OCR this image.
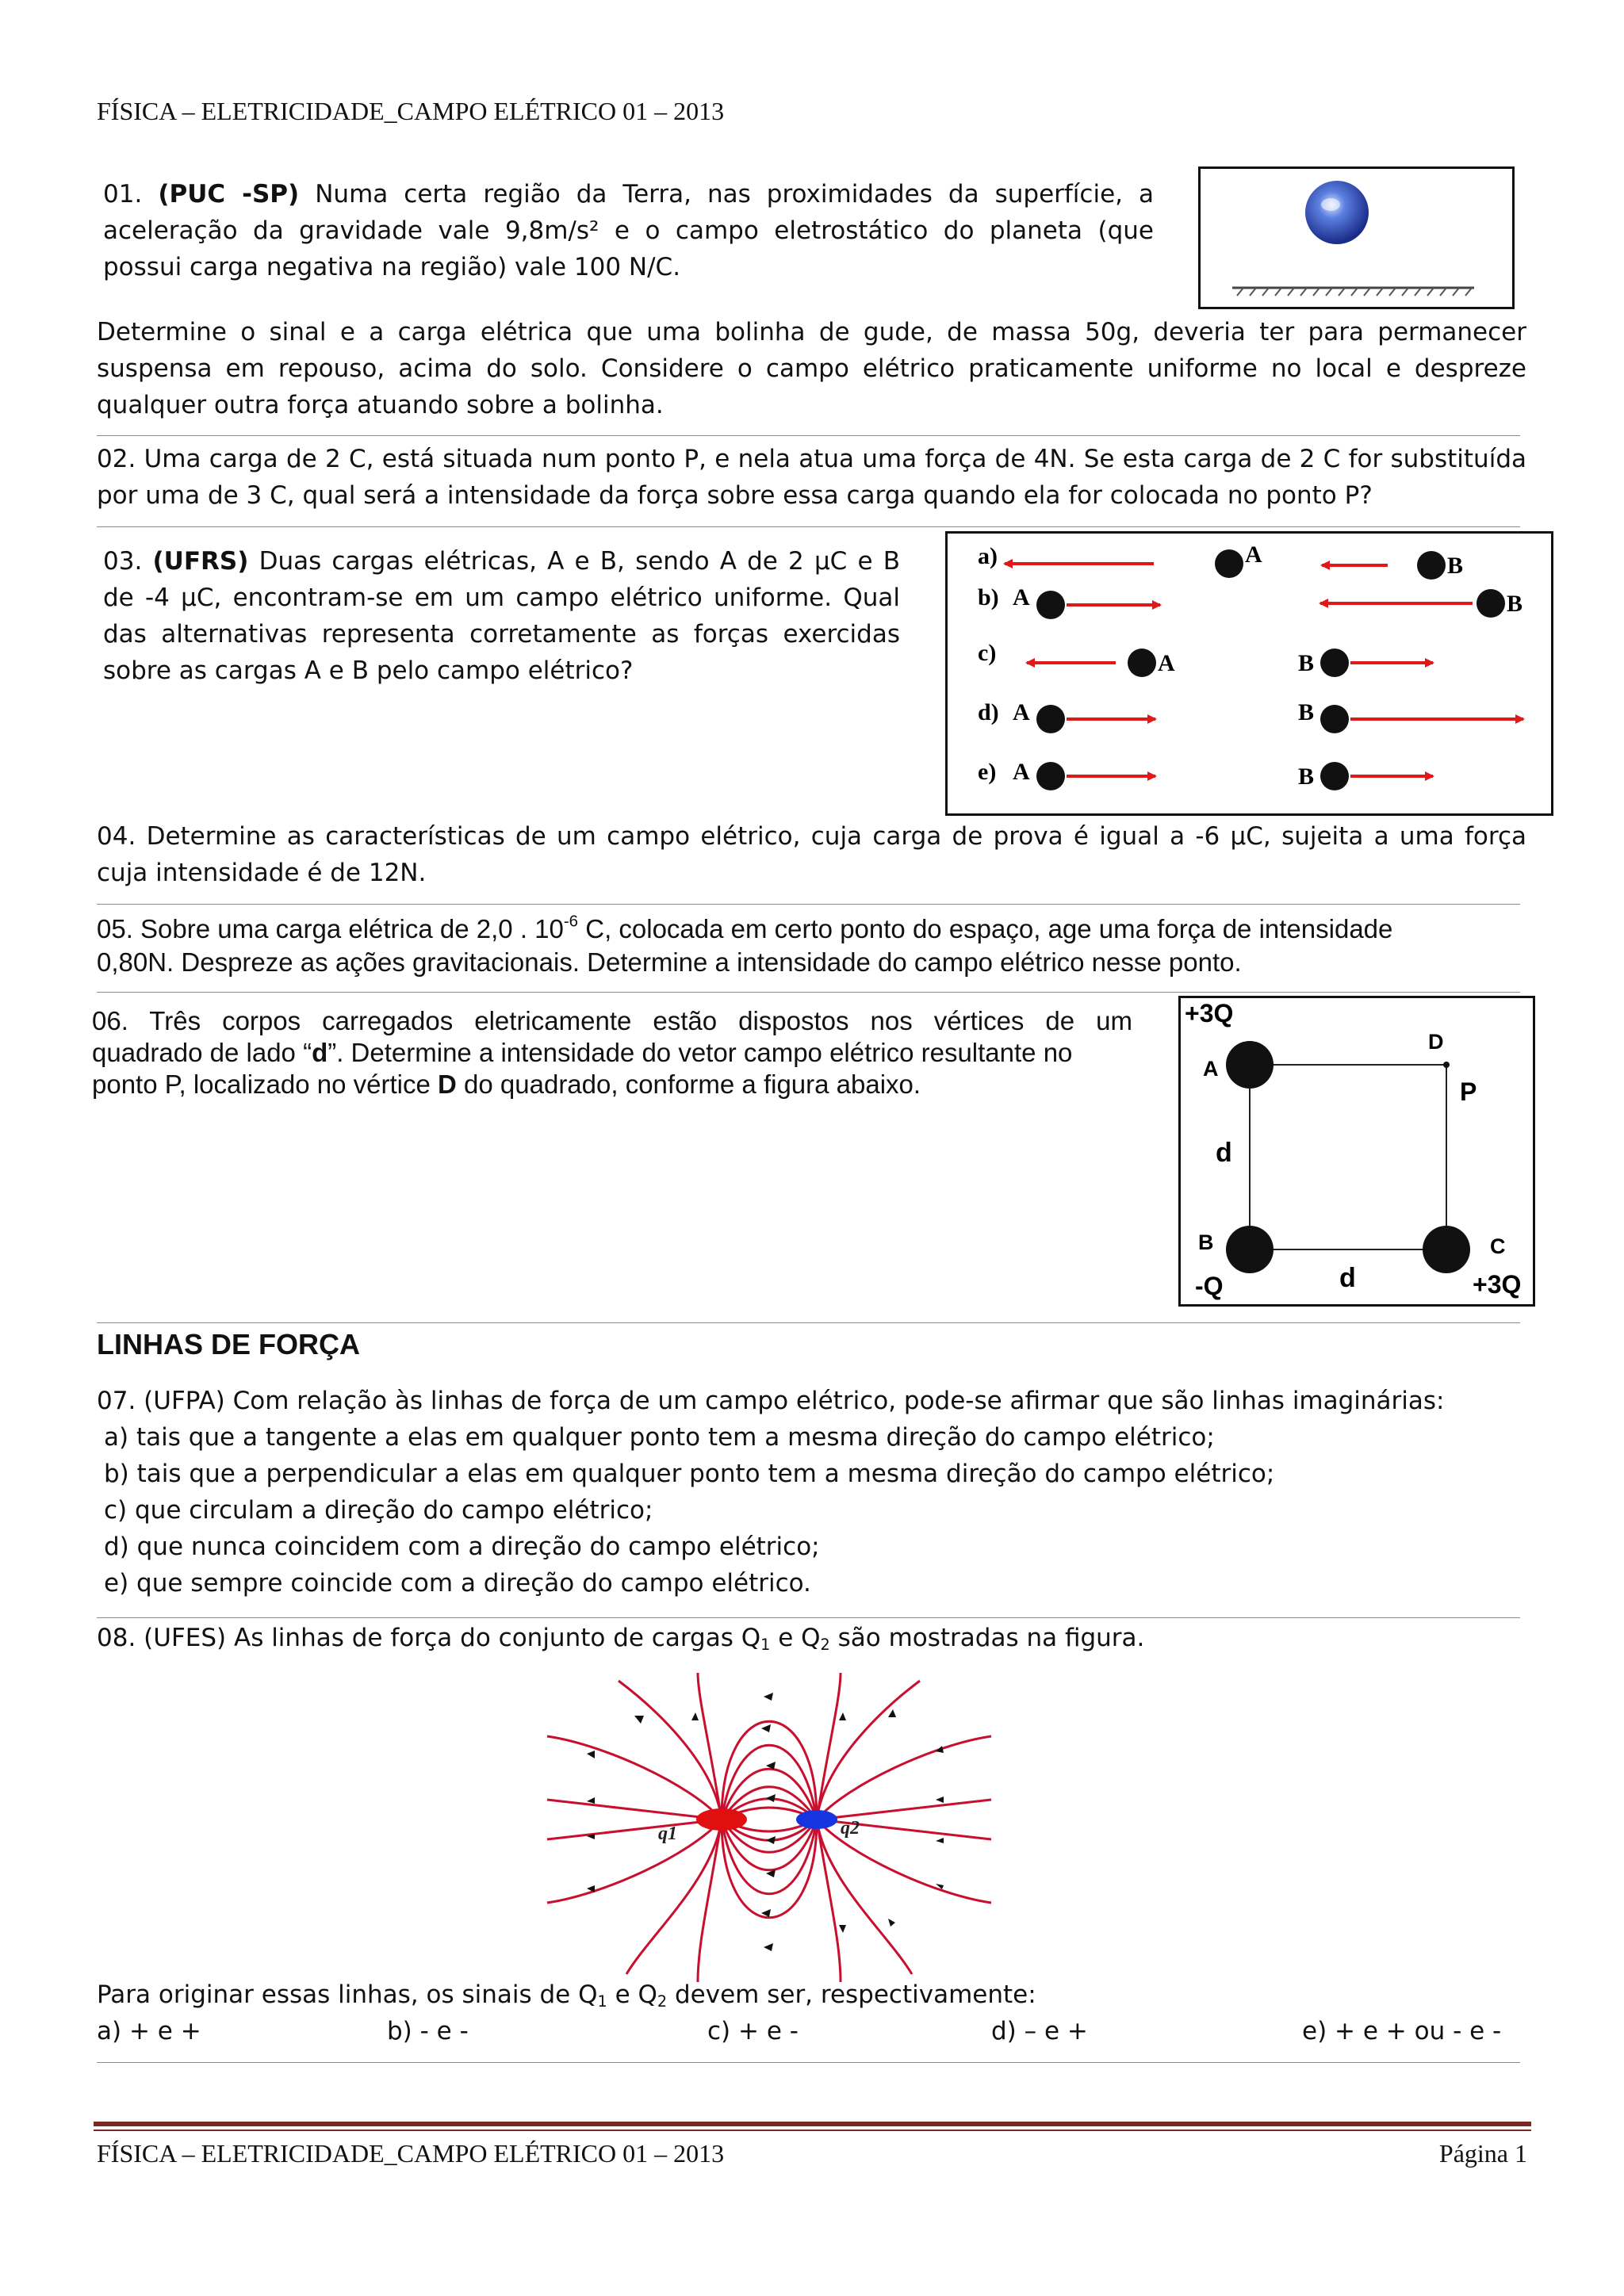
FÍSICA – ELETRICIDADE_CAMPO ELÉTRICO 01 – 2013
01. (PUC -SP) Numa certa região da Terra, nas proximidades da superfície, a aceleração da gravidade vale 9,8m/s² e o campo eletrostático do planeta (que possui carga negativa na região) vale 100 N/C.
Determine o sinal e a carga elétrica que uma bolinha de gude, de massa 50g, deveria ter para permanecer suspensa em repouso, acima do solo. Considere o campo elétrico praticamente uniforme no local e despreze qualquer outra força atuando sobre a bolinha.
02. Uma carga de 2 C, está situada num ponto P, e nela atua uma força de 4N. Se esta carga de 2 C for substituída por uma de 3 C, qual será a intensidade da força sobre essa carga quando ela for colocada no ponto P?
03. (UFRS) Duas cargas elétricas, A e B, sendo A de 2 μC e B de -4 μC, encontram-se em um campo elétrico uniforme. Qual das alternativas representa corretamente as forças exercidas sobre as cargas A e B pelo campo elétrico?
a)	A	B
b) A	B
c)	A	B
d) A	B
e) A	B
04. Determine as características de um campo elétrico, cuja carga de prova é igual a -6 μC, sujeita a uma força cuja intensidade é de 12N.
05. Sobre uma carga elétrica de 2,0 . $10^{-6}$ C, colocada em certo ponto do espaço, age uma força de intensidade
0,80N. Despreze as ações gravitacionais. Determine a intensidade do campo elétrico nesse ponto.
06. Três corpos carregados eletricamente estão dispostos nos vértices de um
quadrado de lado “d”. Determine a intensidade do vetor campo elétrico resultante no
ponto P, localizado no vértice D do quadrado, conforme a figura abaixo.
+3Q
A
D
P
d
B
-Q	d
C
+3Q
LINHAS DE FORÇA
07. (UFPA) Com relação às linhas de força de um campo elétrico, pode-se afirmar que são linhas imaginárias:
a) tais que a tangente a elas em qualquer ponto tem a mesma direção do campo elétrico;
b) tais que a perpendicular a elas em qualquer ponto tem a mesma direção do campo elétrico;
c) que circulam a direção do campo elétrico;
d) que nunca coincidem com a direção do campo elétrico;
e) que sempre coincide com a direção do campo elétrico.
08. (UFES) As linhas de força do conjunto de cargas $Q_1$ e $Q_2$ são mostradas na figura.
q1	q2
Para originar essas linhas, os sinais de $Q_1$ e $Q_2$ devem ser, respectivamente:
a) + e +	b) - e -	c) + e -	d) – e +	e) + e + ou - e -
FÍSICA – ELETRICIDADE_CAMPO ELÉTRICO 01 – 2013	Página 1
